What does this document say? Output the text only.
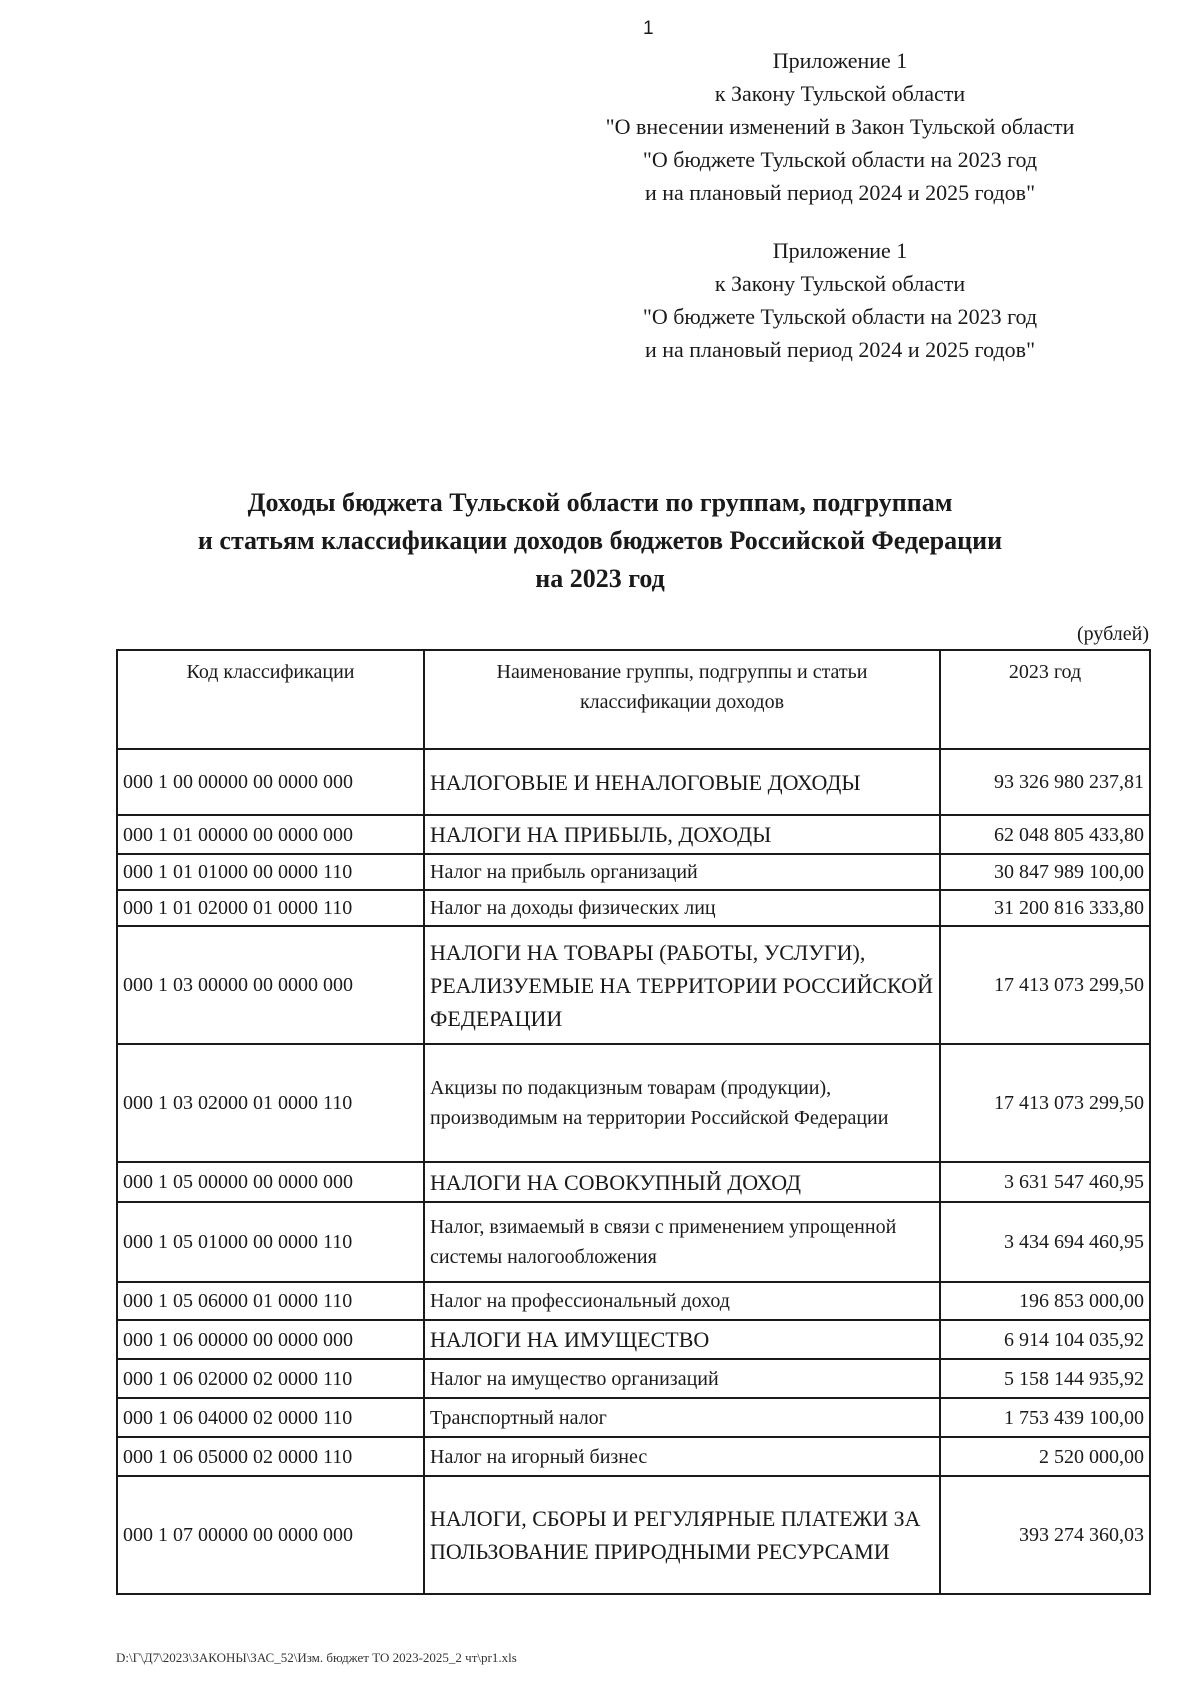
1
Приложение 1
к Закону Тульской области
"О внесении изменений в Закон Тульской области
"О бюджете Тульской области на 2023 год
и на плановый период 2024 и 2025 годов"
Приложение 1
к Закону Тульской области
"О бюджете Тульской области на 2023 год
и на плановый период 2024 и 2025 годов"
Доходы бюджета Тульской области по группам, подгруппам
и статьям классификации доходов бюджетов Российской Федерации
на 2023 год
(рублей)
Код классификации	Наименование группы, подгруппы и статьи классификации доходов	2023 год
000 1 00 00000 00 0000 000	НАЛОГОВЫЕ И НЕНАЛОГОВЫЕ ДОХОДЫ	93 326 980 237,81
000 1 01 00000 00 0000 000	НАЛОГИ НА ПРИБЫЛЬ, ДОХОДЫ	62 048 805 433,80
000 1 01 01000 00 0000 110	Налог на прибыль организаций	30 847 989 100,00
000 1 01 02000 01 0000 110	Налог на доходы физических лиц	31 200 816 333,80
000 1 03 00000 00 0000 000	НАЛОГИ НА ТОВАРЫ (РАБОТЫ, УСЛУГИ), РЕАЛИЗУЕМЫЕ НА ТЕРРИТОРИИ РОССИЙСКОЙ ФЕДЕРАЦИИ	17 413 073 299,50
000 1 03 02000 01 0000 110	Акцизы по подакцизным товарам (продукции), производимым на территории Российской Федерации	17 413 073 299,50
000 1 05 00000 00 0000 000	НАЛОГИ НА СОВОКУПНЫЙ ДОХОД	3 631 547 460,95
000 1 05 01000 00 0000 110	Налог, взимаемый в связи с применением упрощенной системы налогообложения	3 434 694 460,95
000 1 05 06000 01 0000 110	Налог на профессиональный доход	196 853 000,00
000 1 06 00000 00 0000 000	НАЛОГИ НА ИМУЩЕСТВО	6 914 104 035,92
000 1 06 02000 02 0000 110	Налог на имущество организаций	5 158 144 935,92
000 1 06 04000 02 0000 110	Транспортный налог	1 753 439 100,00
000 1 06 05000 02 0000 110	Налог на игорный бизнес	2 520 000,00
000 1 07 00000 00 0000 000	НАЛОГИ, СБОРЫ И РЕГУЛЯРНЫЕ ПЛАТЕЖИ ЗА ПОЛЬЗОВАНИЕ ПРИРОДНЫМИ РЕСУРСАМИ	393 274 360,03
D:\Г\Д7\2023\ЗАКОНЫ\ЗАС_52\Изм. бюджет ТО 2023-2025_2 чт\pr1.xls
